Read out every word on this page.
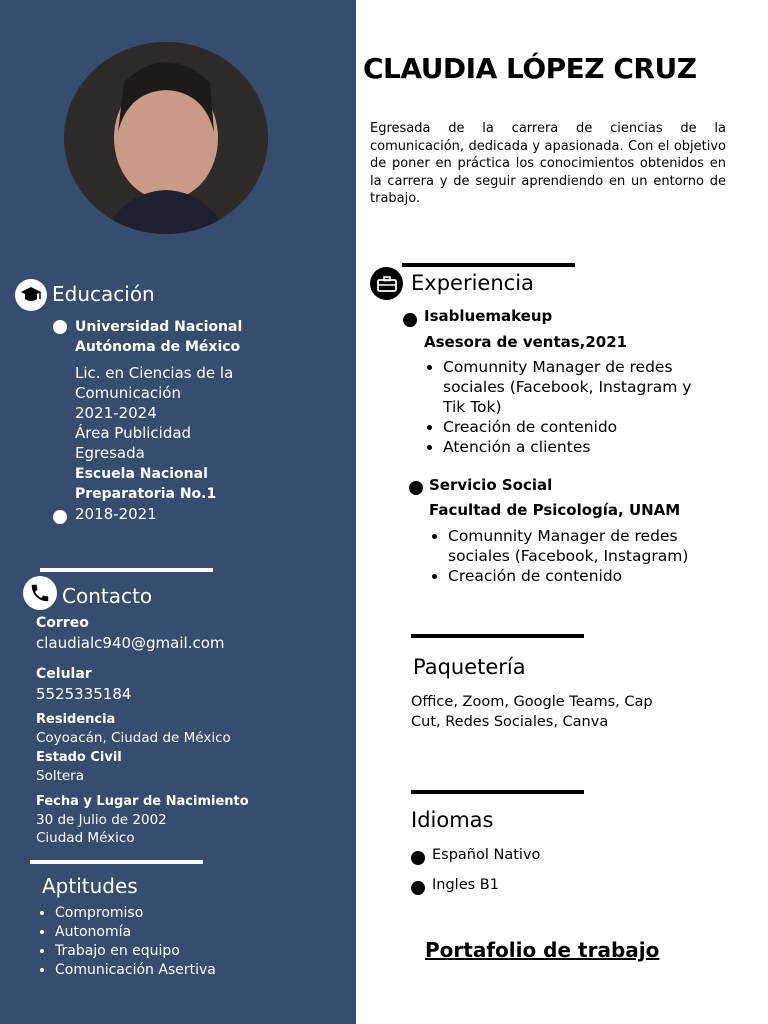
Educación
Universidad Nacional
Autónoma de México
Lic. en Ciencias de la
Comunicación
2021-2024
Área Publicidad
Egresada
Escuela Nacional
Preparatoria No.1
2018-2021
Contacto
Correo
claudialc940@gmail.com
Celular
5525335184
Residencia
Coyoacán, Ciudad de México
Estado Civil
Soltera
Fecha y Lugar de Nacimiento
30 de Julio de 2002
Ciudad México
Aptitudes
• Compromiso
• Autonomía
• Trabajo en equipo
• Comunicación Asertiva
CLAUDIA LÓPEZ CRUZ
Egresada de la carrera de ciencias de la comunicación, dedicada y apasionada. Con el objetivo de poner en práctica los conocimientos obtenidos en la carrera y de seguir aprendiendo en un entorno de trabajo.
Experiencia
Isabluemakeup
Asesora de ventas,2021
• Comunnity Manager de redes sociales (Facebook, Instagram y Tik Tok)
• Creación de contenido
• Atención a clientes
Servicio Social
Facultad de Psicología, UNAM
• Comunnity Manager de redes sociales (Facebook, Instagram)
• Creación de contenido
Paquetería
Office, Zoom, Google Teams, Cap Cut, Redes Sociales, Canva
Idiomas
Español Nativo
Ingles B1
Portafolio de trabajo
